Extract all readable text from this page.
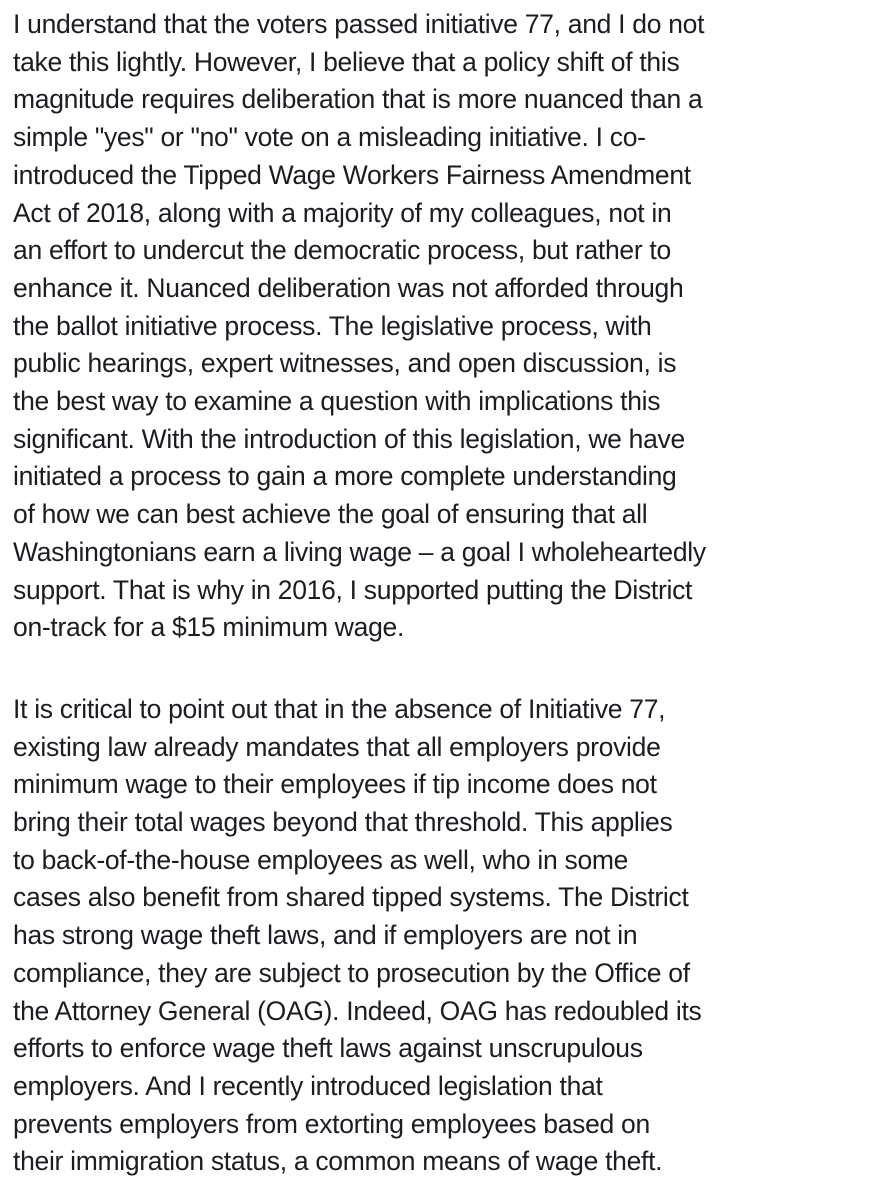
I understand that the voters passed initiative 77, and I do not
take this lightly. However, I believe that a policy shift of this
magnitude requires deliberation that is more nuanced than a
simple "yes" or "no" vote on a misleading initiative. I co-
introduced the Tipped Wage Workers Fairness Amendment
Act of 2018, along with a majority of my colleagues, not in
an effort to undercut the democratic process, but rather to
enhance it. Nuanced deliberation was not afforded through
the ballot initiative process. The legislative process, with
public hearings, expert witnesses, and open discussion, is
the best way to examine a question with implications this
significant. With the introduction of this legislation, we have
initiated a process to gain a more complete understanding
of how we can best achieve the goal of ensuring that all
Washingtonians earn a living wage – a goal I wholeheartedly
support. That is why in 2016, I supported putting the District
on-track for a $15 minimum wage.
It is critical to point out that in the absence of Initiative 77,
existing law already mandates that all employers provide
minimum wage to their employees if tip income does not
bring their total wages beyond that threshold. This applies
to back-of-the-house employees as well, who in some
cases also benefit from shared tipped systems. The District
has strong wage theft laws, and if employers are not in
compliance, they are subject to prosecution by the Office of
the Attorney General (OAG). Indeed, OAG has redoubled its
efforts to enforce wage theft laws against unscrupulous
employers. And I recently introduced legislation that
prevents employers from extorting employees based on
their immigration status, a common means of wage theft.
